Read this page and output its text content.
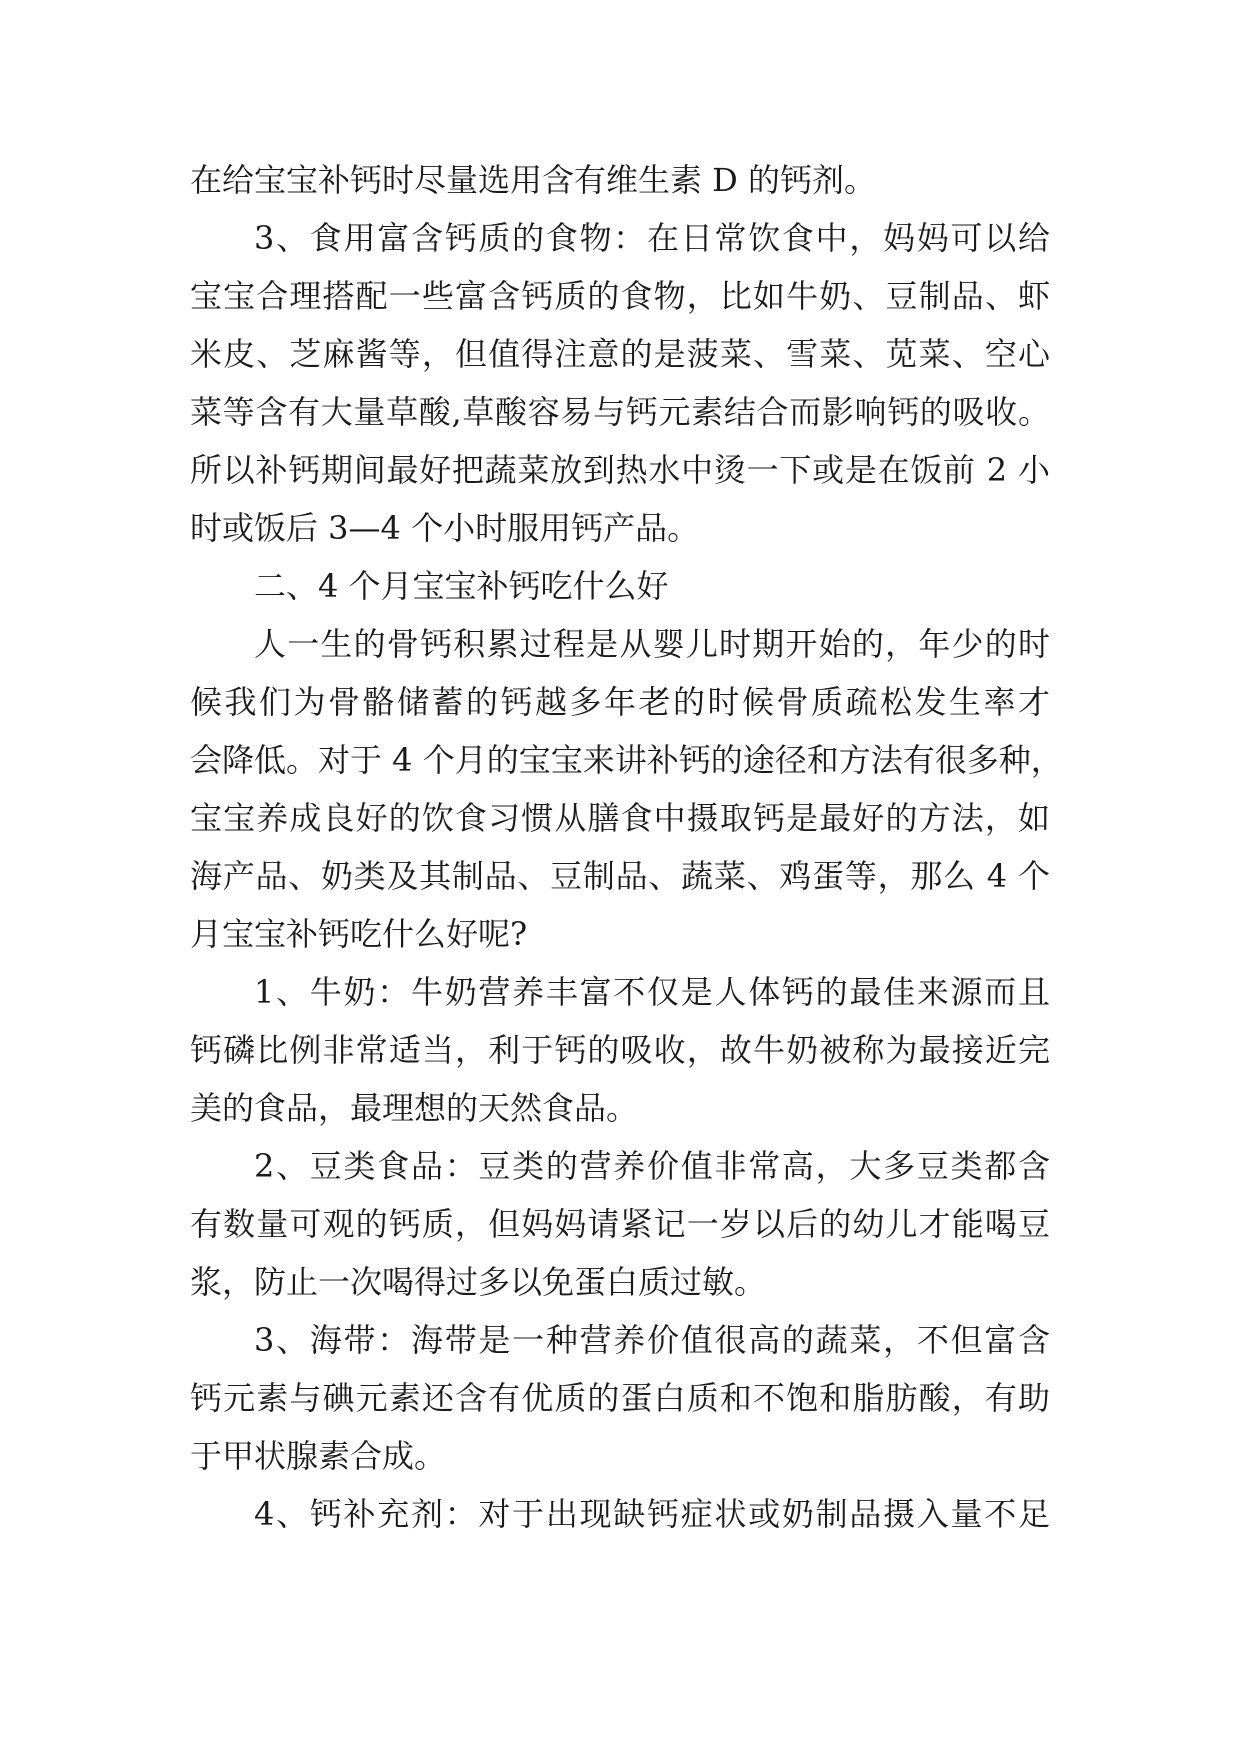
在给宝宝补钙时尽量选用含有维生素 D 的钙剂。
3、食用富含钙质的食物：在日常饮食中，妈妈可以给
宝宝合理搭配一些富含钙质的食物，比如牛奶、豆制品、虾
米皮、芝麻酱等，但值得注意的是菠菜、雪菜、苋菜、空心
菜等含有大量草酸,草酸容易与钙元素结合而影响钙的吸收。
所以补钙期间最好把蔬菜放到热水中烫一下或是在饭前 2 小
时或饭后 3—4 个小时服用钙产品。
二、4 个月宝宝补钙吃什么好
人一生的骨钙积累过程是从婴儿时期开始的，年少的时
候我们为骨骼储蓄的钙越多年老的时候骨质疏松发生率才
会降低。对于 4 个月的宝宝来讲补钙的途径和方法有很多种，
宝宝养成良好的饮食习惯从膳食中摄取钙是最好的方法，如
海产品、奶类及其制品、豆制品、蔬菜、鸡蛋等，那么 4 个
月宝宝补钙吃什么好呢?
1、牛奶：牛奶营养丰富不仅是人体钙的最佳来源而且
钙磷比例非常适当，利于钙的吸收，故牛奶被称为最接近完
美的食品，最理想的天然食品。
2、豆类食品：豆类的营养价值非常高，大多豆类都含
有数量可观的钙质，但妈妈请紧记一岁以后的幼儿才能喝豆
浆，防止一次喝得过多以免蛋白质过敏。
3、海带：海带是一种营养价值很高的蔬菜，不但富含
钙元素与碘元素还含有优质的蛋白质和不饱和脂肪酸，有助
于甲状腺素合成。
4、钙补充剂：对于出现缺钙症状或奶制品摄入量不足
